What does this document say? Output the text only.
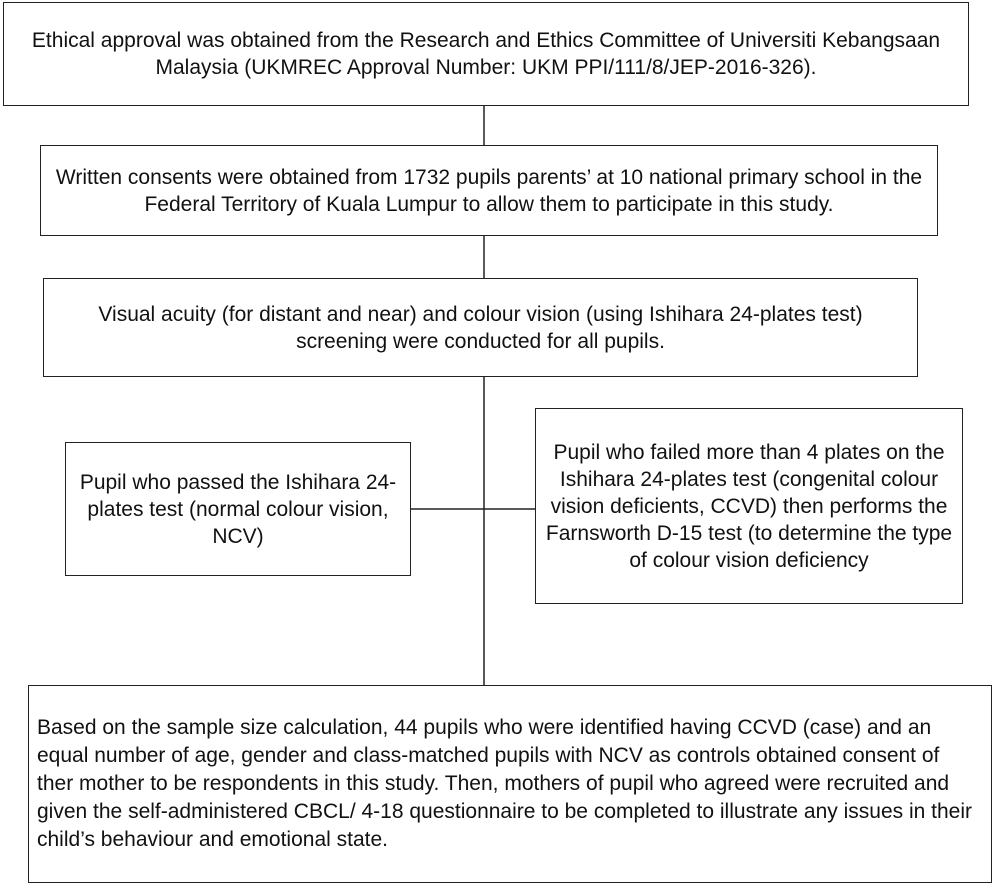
Ethical approval was obtained from the Research and Ethics Committee of Universiti Kebangsaan Malaysia (UKMREC Approval Number: UKM PPI/111/8/JEP-2016-326).
Written consents were obtained from 1732 pupils parents’ at 10 national primary school in the Federal Territory of Kuala Lumpur to allow them to participate in this study.
Visual acuity (for distant and near) and colour vision (using Ishihara 24-plates test) screening were conducted for all pupils.
Pupil who passed the Ishihara 24-plates test (normal colour vision, NCV)
Pupil who failed more than 4 plates on the Ishihara 24-plates test (congenital colour vision deficients, CCVD) then performs the Farnsworth D-15 test (to determine the type of colour vision deficiency
Based on the sample size calculation, 44 pupils who were identified having CCVD (case) and an equal number of age, gender and class-matched pupils with NCV as controls obtained consent of ther mother to be respondents in this study. Then, mothers of pupil who agreed were recruited and given the self-administered CBCL/ 4-18 questionnaire to be completed to illustrate any issues in their child’s behaviour and emotional state.
